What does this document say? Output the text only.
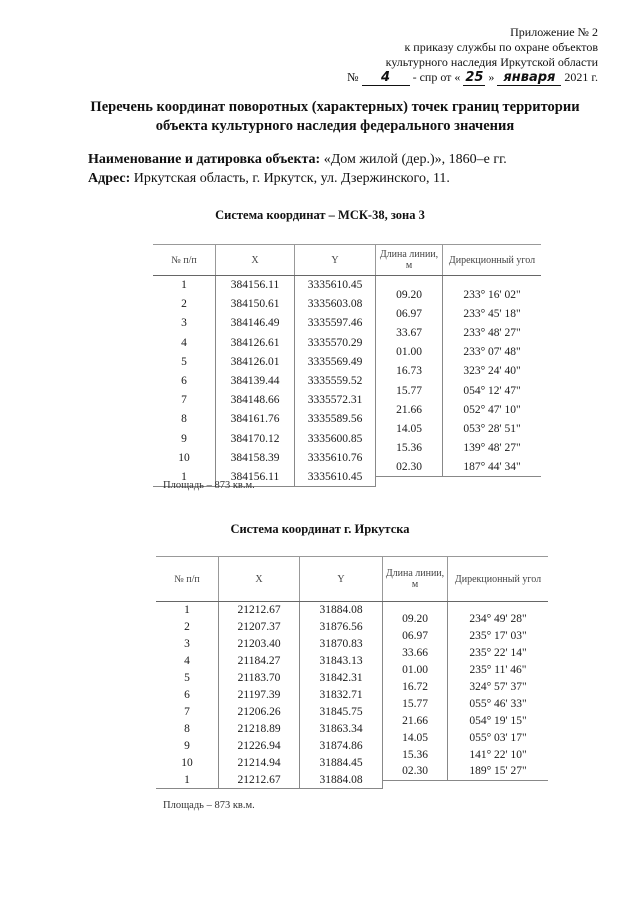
Приложение № 2
к приказу службы по охране объектов
культурного наследия Иркутской области
№	4	- спр от « 25 » января 2021 г.
Перечень координат поворотных (характерных) точек границ территории
объекта культурного наследия федерального значения
Наименование и датировка объекта: «Дом жилой (дер.)», 1860–е гг.
Адрес: Иркутская область, г. Иркутск, ул. Дзержинского, 11.
Система координат – МСК-38, зона 3
№ п/п	X	Y	Длина линии, м	Дирекционный угол
1	384156.11	3335610.45		
			09.20	233° 16' 02"
2	384150.61	3335603.08		
			06.97	233° 45' 18"
3	384146.49	3335597.46		
			33.67	233° 48' 27"
4	384126.61	3335570.29		
			01.00	233° 07' 48"
5	384126.01	3335569.49		
			16.73	323° 24' 40"
6	384139.44	3335559.52		
			15.77	054° 12' 47"
7	384148.66	3335572.31		
			21.66	052° 47' 10"
8	384161.76	3335589.56		
			14.05	053° 28' 51"
9	384170.12	3335600.85		
			15.36	139° 48' 27"
10	384158.39	3335610.76		
			02.30	187° 44' 34"
1	384156.11	3335610.45		

Площадь – 873 кв.м.
Система координат г. Иркутска
№ п/п	X	Y	Длина линии, м	Дирекционный угол
1	21212.67	31884.08		
			09.20	234° 49' 28"
2	21207.37	31876.56		
			06.97	235° 17' 03"
3	21203.40	31870.83		
			33.66	235° 22' 14"
4	21184.27	31843.13		
			01.00	235° 11' 46"
5	21183.70	31842.31		
			16.72	324° 57' 37"
6	21197.39	31832.71		
			15.77	055° 46' 33"
7	21206.26	31845.75		
			21.66	054° 19' 15"
8	21218.89	31863.34		
			14.05	055° 03' 17"
9	21226.94	31874.86		
			15.36	141° 22' 10"
10	21214.94	31884.45		
			02.30	189° 15' 27"
1	21212.67	31884.08		

Площадь – 873 кв.м.
